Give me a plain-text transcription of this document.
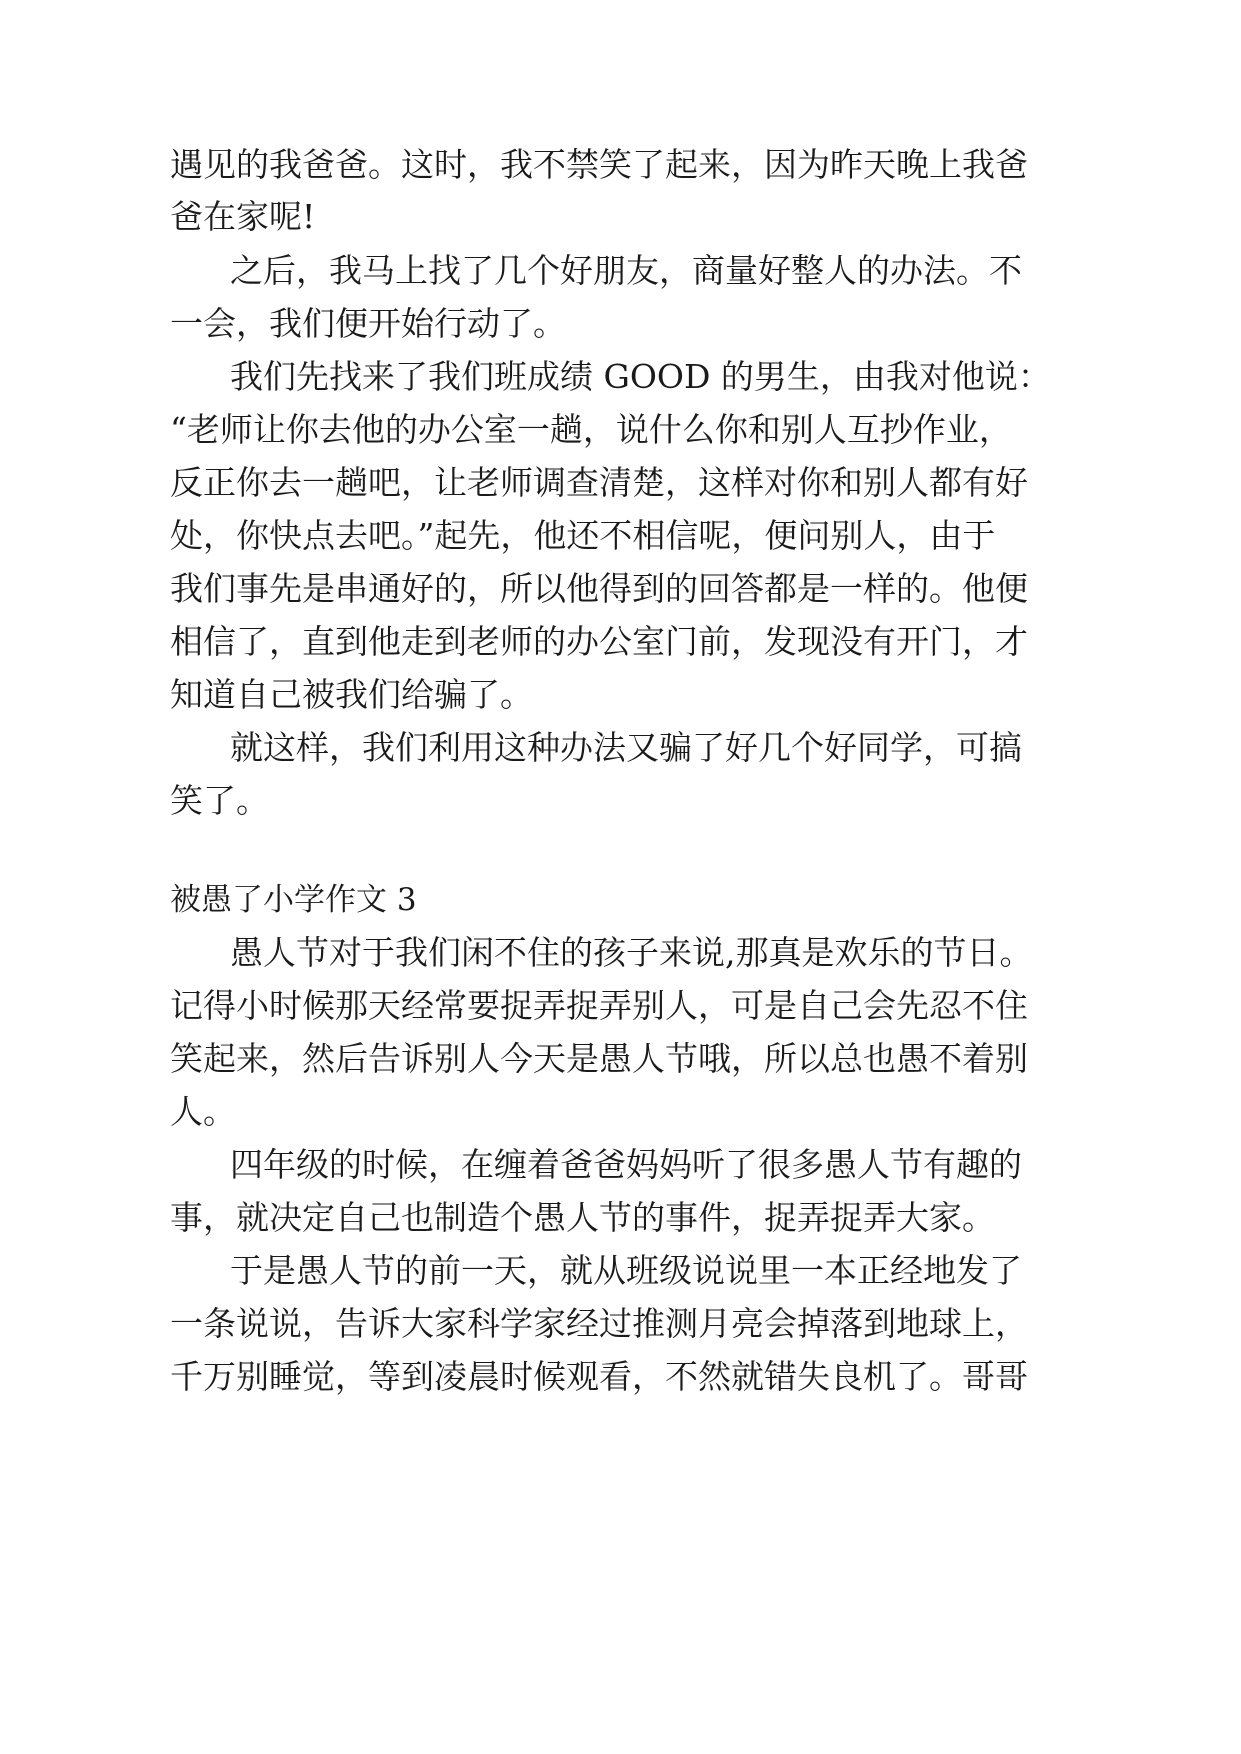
遇见的我爸爸。这时，我不禁笑了起来，因为昨天晚上我爸
爸在家呢!
之后，我马上找了几个好朋友，商量好整人的办法。不
一会，我们便开始行动了。
我们先找来了我们班成绩 GOOD 的男生，由我对他说：
“老师让你去他的办公室一趟，说什么你和别人互抄作业，
反正你去一趟吧，让老师调查清楚，这样对你和别人都有好
处，你快点去吧。”起先，他还不相信呢，便问别人，由于
我们事先是串通好的，所以他得到的回答都是一样的。他便
相信了，直到他走到老师的办公室门前，发现没有开门，才
知道自己被我们给骗了。
就这样，我们利用这种办法又骗了好几个好同学，可搞
笑了。
被愚了小学作文 3
愚人节对于我们闲不住的孩子来说,那真是欢乐的节日。
记得小时候那天经常要捉弄捉弄别人，可是自己会先忍不住
笑起来，然后告诉别人今天是愚人节哦，所以总也愚不着别
人。
四年级的时候，在缠着爸爸妈妈听了很多愚人节有趣的
事，就决定自己也制造个愚人节的事件，捉弄捉弄大家。
于是愚人节的前一天，就从班级说说里一本正经地发了
一条说说，告诉大家科学家经过推测月亮会掉落到地球上，
千万别睡觉，等到凌晨时候观看，不然就错失良机了。哥哥
